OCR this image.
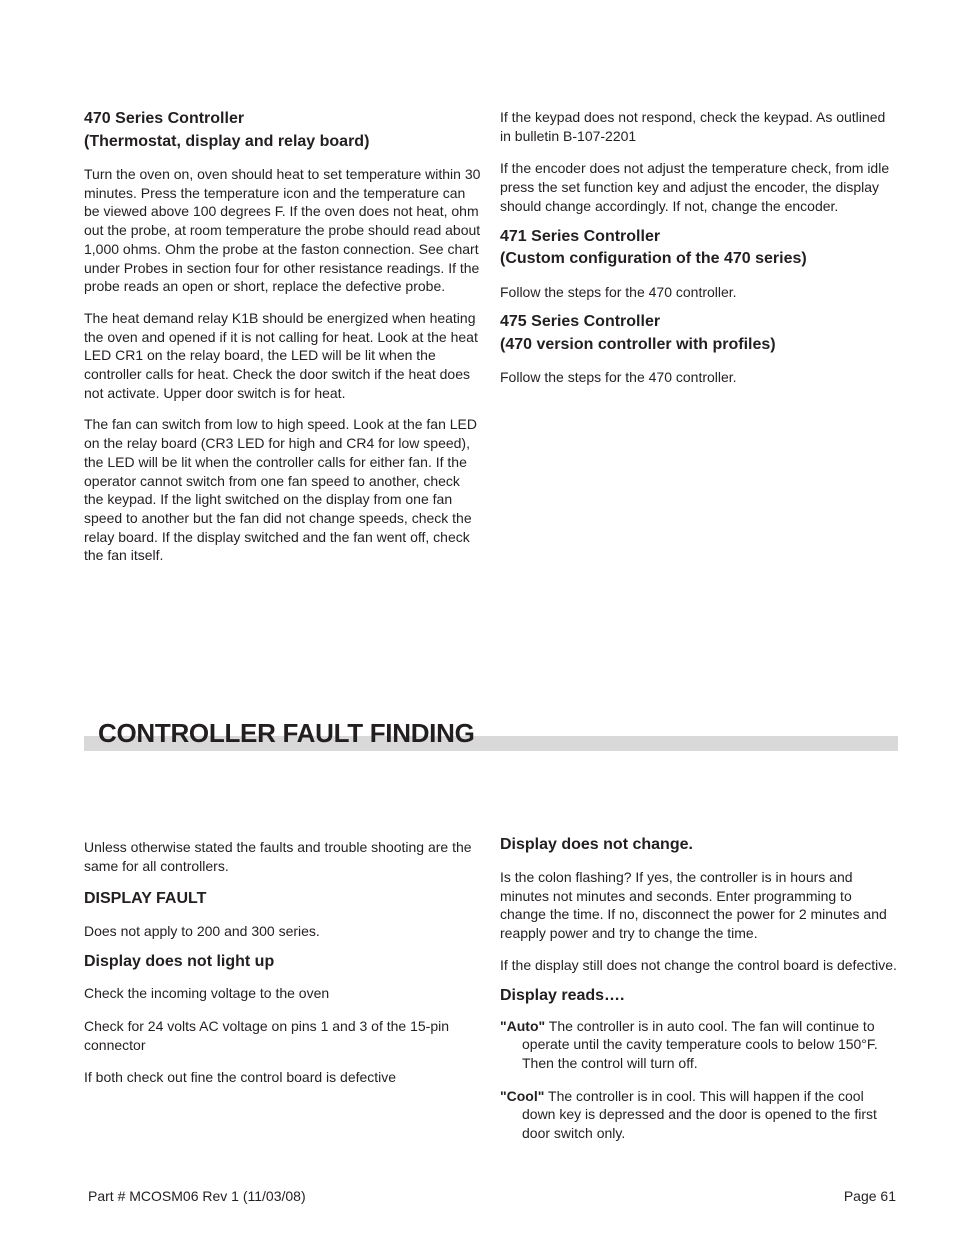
470 Series Controller
(Thermostat, display and relay board)

Turn the oven on, oven should heat to set temperature within 30 minutes. Press the temperature icon and the temperature can be viewed above 100 degrees F. If the oven does not heat, ohm out the probe, at room temperature the probe should read about 1,000 ohms. Ohm the probe at the faston connection. See chart under Probes in section four for other resistance readings. If the probe reads an open or short, replace the defective probe.

The heat demand relay K1B should be energized when heating the oven and opened if it is not calling for heat. Look at the heat LED CR1 on the relay board, the LED will be lit when the controller calls for heat. Check the door switch if the heat does not activate. Upper door switch is for heat.

The fan can switch from low to high speed. Look at the fan LED on the relay board (CR3 LED for high and CR4 for low speed), the LED will be lit when the controller calls for either fan. If the operator cannot switch from one fan speed to another, check the keypad. If the light switched on the display from one fan speed to another but the fan did not change speeds, check the relay board. If the display switched and the fan went off, check the fan itself.

If the keypad does not respond, check the keypad. As outlined in bulletin B-107-2201

If the encoder does not adjust the temperature check, from idle press the set function key and adjust the encoder, the display should change accordingly. If not, change the encoder.

471 Series Controller
(Custom configuration of the 470 series)

Follow the steps for the 470 controller.

475 Series Controller
(470 version controller with profiles)

Follow the steps for the 470 controller.

CONTROLLER FAULT FINDING

Unless otherwise stated the faults and trouble shooting are the same for all controllers.

DISPLAY FAULT

Does not apply to 200 and 300 series.

Display does not light up

Check the incoming voltage to the oven

Check for 24 volts AC voltage on pins 1 and 3 of the 15-pin connector

If both check out fine the control board is defective

Display does not change.

Is the colon flashing? If yes, the controller is in hours and minutes not minutes and seconds. Enter programming to change the time. If no, disconnect the power for 2 minutes and reapply power and try to change the time.

If the display still does not change the control board is defective.

Display reads….

"Auto" The controller is in auto cool. The fan will continue to operate until the cavity temperature cools to below 150°F. Then the control will turn off.

"Cool" The controller is in cool. This will happen if the cool down key is depressed and the door is opened to the first door switch only.

Part # MCOSM06 Rev 1 (11/03/08)	Page 61
